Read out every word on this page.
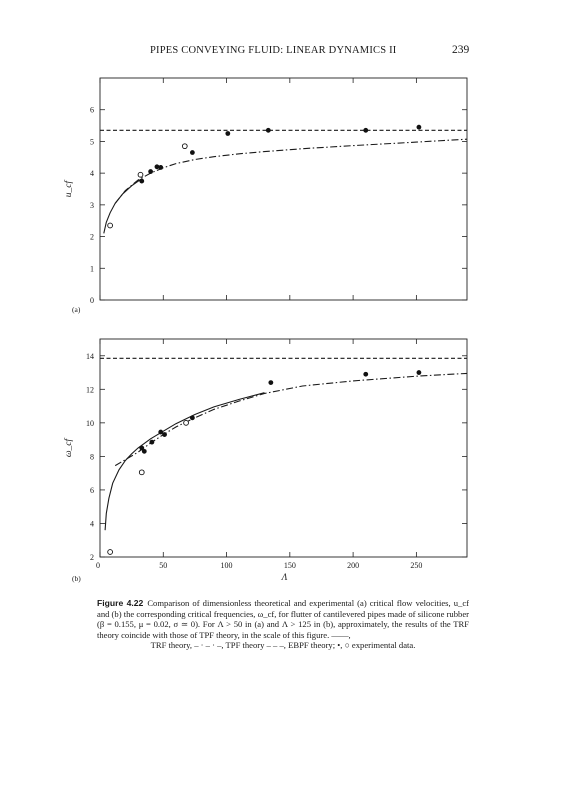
PIPES CONVEYING FLUID: LINEAR DYNAMICS II	239
0
1
2
3
4
5
6
u_cf
(a)
2
4
6
8
10
12
14
0	50	100	150	200	250
ω_cf
(b)	Λ
Figure 4.22 Comparison of dimensionless theoretical and experimental (a) critical flow velocities, u_cf and (b) the corresponding critical frequencies, ω_cf, for flutter of cantilevered pipes made of silicone rubber (β = 0.155, μ = 0.02, σ ≃ 0). For Λ > 50 in (a) and Λ > 125 in (b), approximately, the results of the TRF theory coincide with those of TPF theory, in the scale of this figure. ——,
TRF theory, – · – · –, TPF theory – – –, EBPF theory; •, ○ experimental data.
